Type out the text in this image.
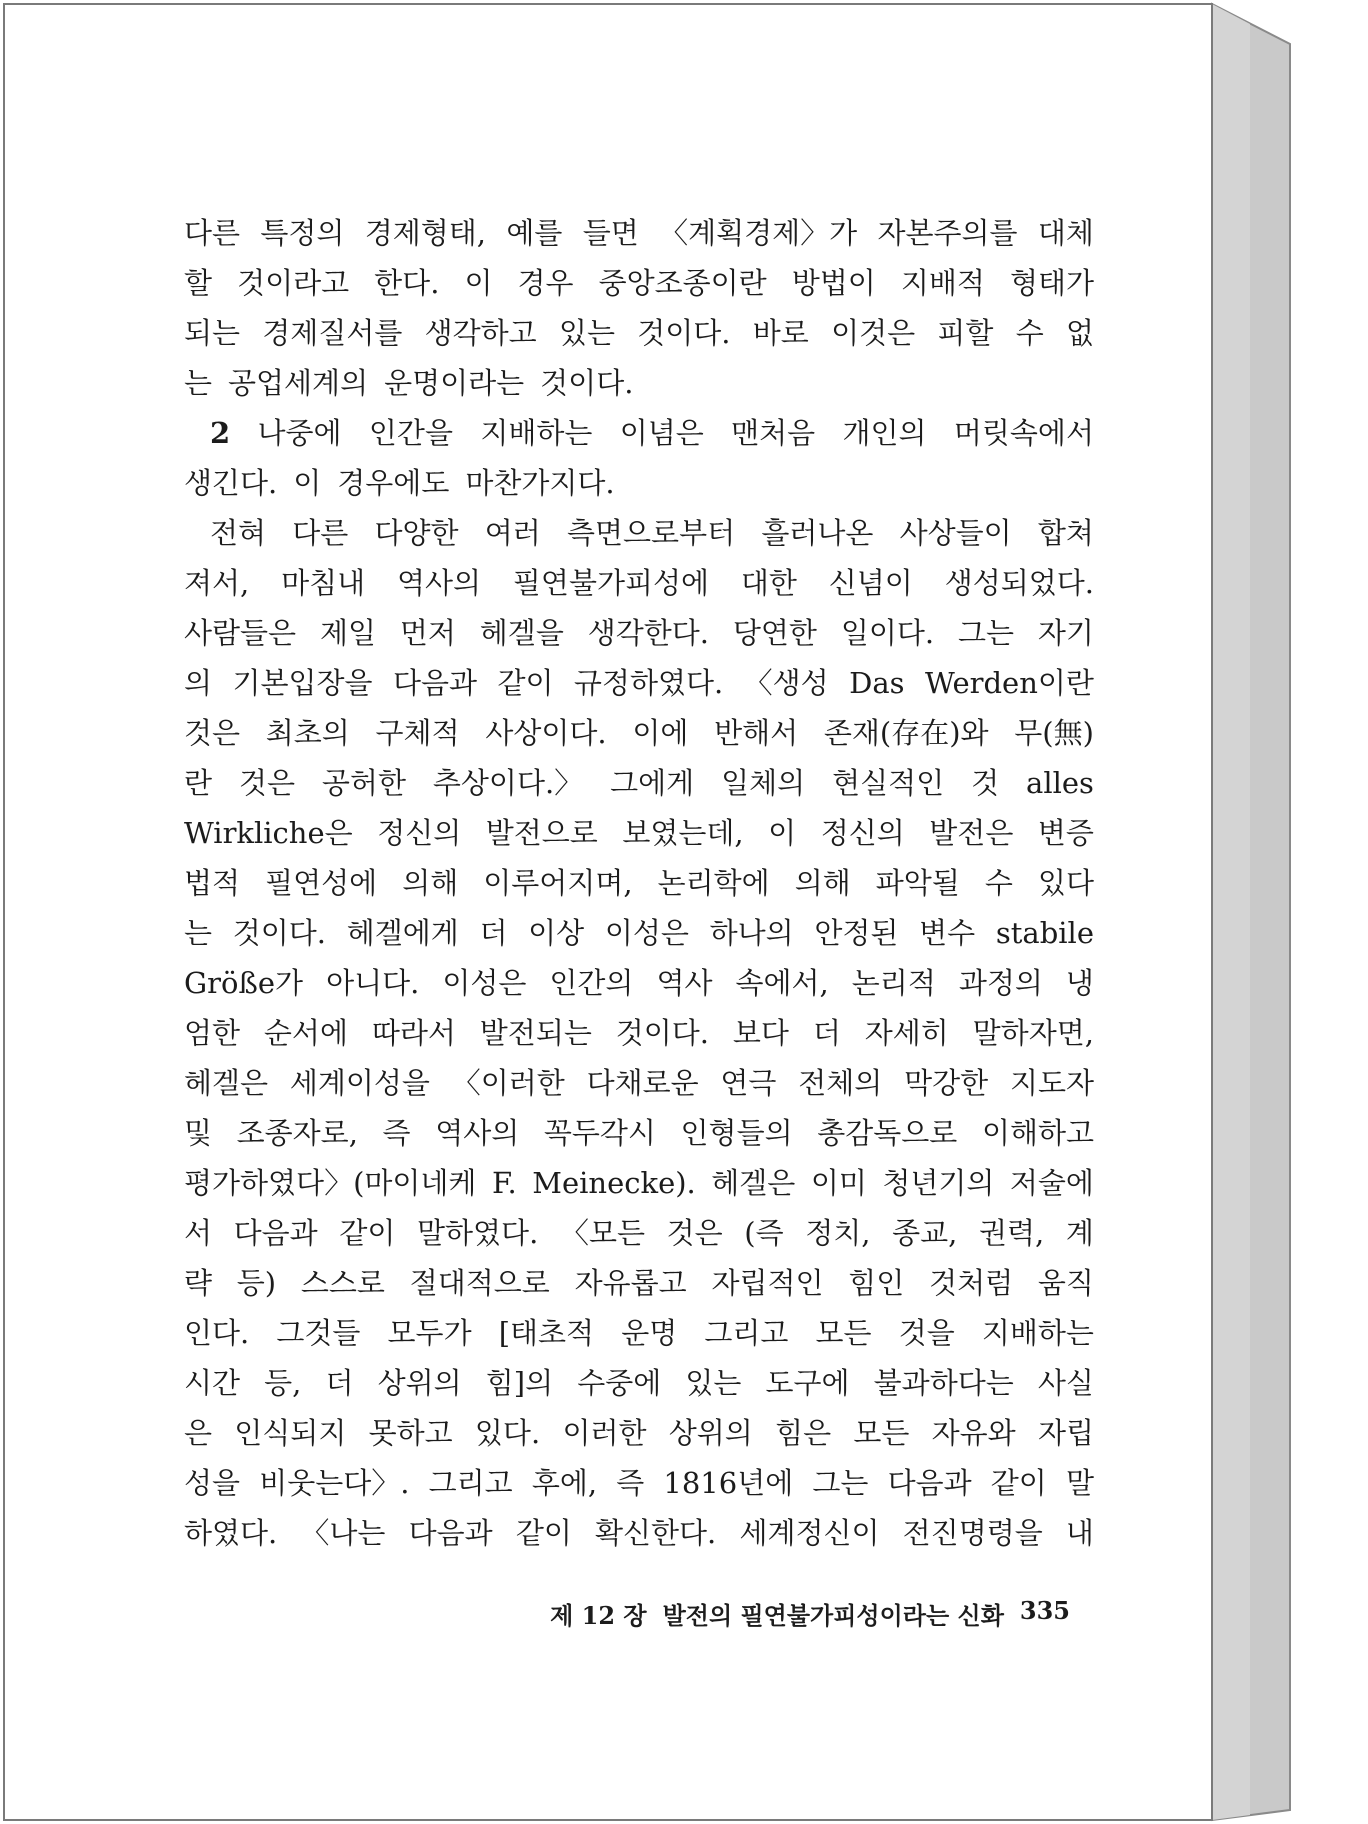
다른 특정의 경제형태, 예를 들면 〈계획경제〉가 자본주의를 대체
할 것이라고 한다. 이 경우 중앙조종이란 방법이 지배적 형태가
되는 경제질서를 생각하고 있는 것이다. 바로 이것은 피할 수 없
는 공업세계의 운명이라는 것이다.
2 나중에 인간을 지배하는 이념은 맨처음 개인의 머릿속에서
생긴다. 이 경우에도 마찬가지다.
전혀 다른 다양한 여러 측면으로부터 흘러나온 사상들이 합쳐
져서, 마침내 역사의 필연불가피성에 대한 신념이 생성되었다.
사람들은 제일 먼저 헤겔을 생각한다. 당연한 일이다. 그는 자기
의 기본입장을 다음과 같이 규정하였다. 〈생성 Das Werden이란
것은 최초의 구체적 사상이다. 이에 반해서 존재(存在)와 무(無)
란 것은 공허한 추상이다.〉 그에게 일체의 현실적인 것 alles
Wirkliche은 정신의 발전으로 보였는데, 이 정신의 발전은 변증
법적 필연성에 의해 이루어지며, 논리학에 의해 파악될 수 있다
는 것이다. 헤겔에게 더 이상 이성은 하나의 안정된 변수 stabile
Größe가 아니다. 이성은 인간의 역사 속에서, 논리적 과정의 냉
엄한 순서에 따라서 발전되는 것이다. 보다 더 자세히 말하자면,
헤겔은 세계이성을 〈이러한 다채로운 연극 전체의 막강한 지도자
및 조종자로, 즉 역사의 꼭두각시 인형들의 총감독으로 이해하고
평가하였다〉(마이네케 F. Meinecke). 헤겔은 이미 청년기의 저술에
서 다음과 같이 말하였다. 〈모든 것은 (즉 정치, 종교, 권력, 계
략 등) 스스로 절대적으로 자유롭고 자립적인 힘인 것처럼 움직
인다. 그것들 모두가 [태초적 운명 그리고 모든 것을 지배하는
시간 등, 더 상위의 힘]의 수중에 있는 도구에 불과하다는 사실
은 인식되지 못하고 있다. 이러한 상위의 힘은 모든 자유와 자립
성을 비웃는다〉. 그리고 후에, 즉 1816년에 그는 다음과 같이 말
하였다. 〈나는 다음과 같이 확신한다. 세계정신이 전진명령을 내
제 12 장 발전의 필연불가피성이라는 신화 335
